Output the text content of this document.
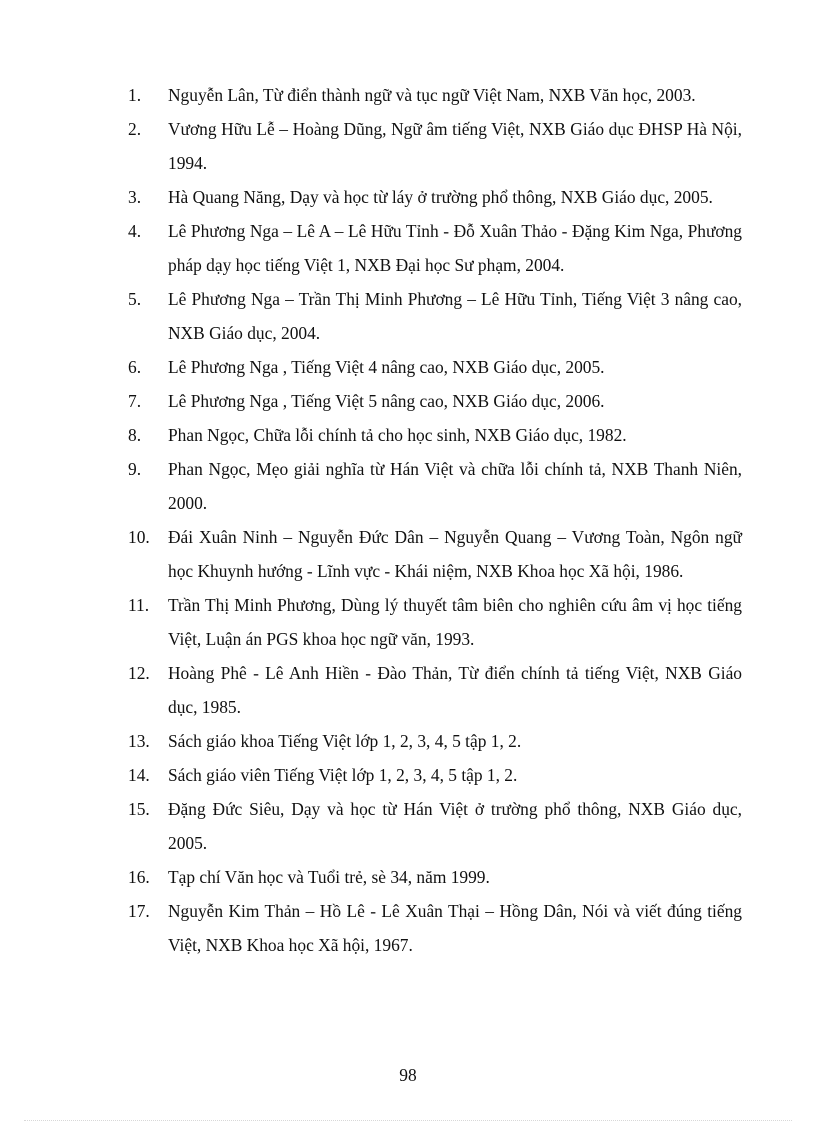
1.	Nguyễn Lân, Từ điển thành ngữ và tục ngữ Việt Nam, NXB Văn học, 2003.
2.	Vương Hữu Lễ – Hoàng Dũng, Ngữ âm tiếng Việt, NXB Giáo dục ĐHSP Hà Nội, 1994.
3.	Hà Quang Năng, Dạy và học từ láy ở trường phổ thông, NXB Giáo dục, 2005.
4.	Lê Phương Nga – Lê A – Lê Hữu Tỉnh - Đỗ Xuân Thảo - Đặng Kim Nga, Phương pháp dạy học tiếng Việt 1, NXB Đại học Sư phạm, 2004.
5.	Lê Phương Nga – Trần Thị Minh Phương – Lê Hữu Tỉnh, Tiếng Việt 3 nâng cao, NXB Giáo dục, 2004.
6.	Lê Phương Nga , Tiếng Việt 4 nâng cao, NXB Giáo dục, 2005.
7.	Lê Phương Nga , Tiếng Việt 5 nâng cao, NXB Giáo dục, 2006.
8.	Phan Ngọc, Chữa lỗi chính tả cho học sinh, NXB Giáo dục, 1982.
9.	Phan Ngọc, Mẹo giải nghĩa từ Hán Việt và chữa lỗi chính tả, NXB Thanh Niên, 2000.
10.	Đái Xuân Ninh – Nguyễn Đức Dân – Nguyễn Quang – Vương Toàn, Ngôn ngữ học Khuynh hướng - Lĩnh vực - Khái niệm, NXB Khoa học Xã hội, 1986.
11.	Trần Thị Minh Phương, Dùng lý thuyết tâm biên cho nghiên cứu âm vị học tiếng Việt, Luận án PGS khoa học ngữ văn, 1993.
12.	Hoàng Phê - Lê Anh Hiền - Đào Thản, Từ điển chính tả tiếng Việt, NXB Giáo dục, 1985.
13.	Sách giáo khoa Tiếng Việt lớp 1, 2, 3, 4, 5 tập 1, 2.
14.	Sách giáo viên Tiếng Việt lớp 1, 2, 3, 4, 5 tập 1, 2.
15.	Đặng Đức Siêu, Dạy và học từ Hán Việt ở trường phổ thông, NXB Giáo dục, 2005.
16.	Tạp chí Văn học và Tuổi trẻ, sè 34, năm 1999.
17.	Nguyễn Kim Thản – Hồ Lê - Lê Xuân Thại – Hồng Dân, Nói và viết đúng tiếng Việt, NXB Khoa học Xã hội, 1967.
98
